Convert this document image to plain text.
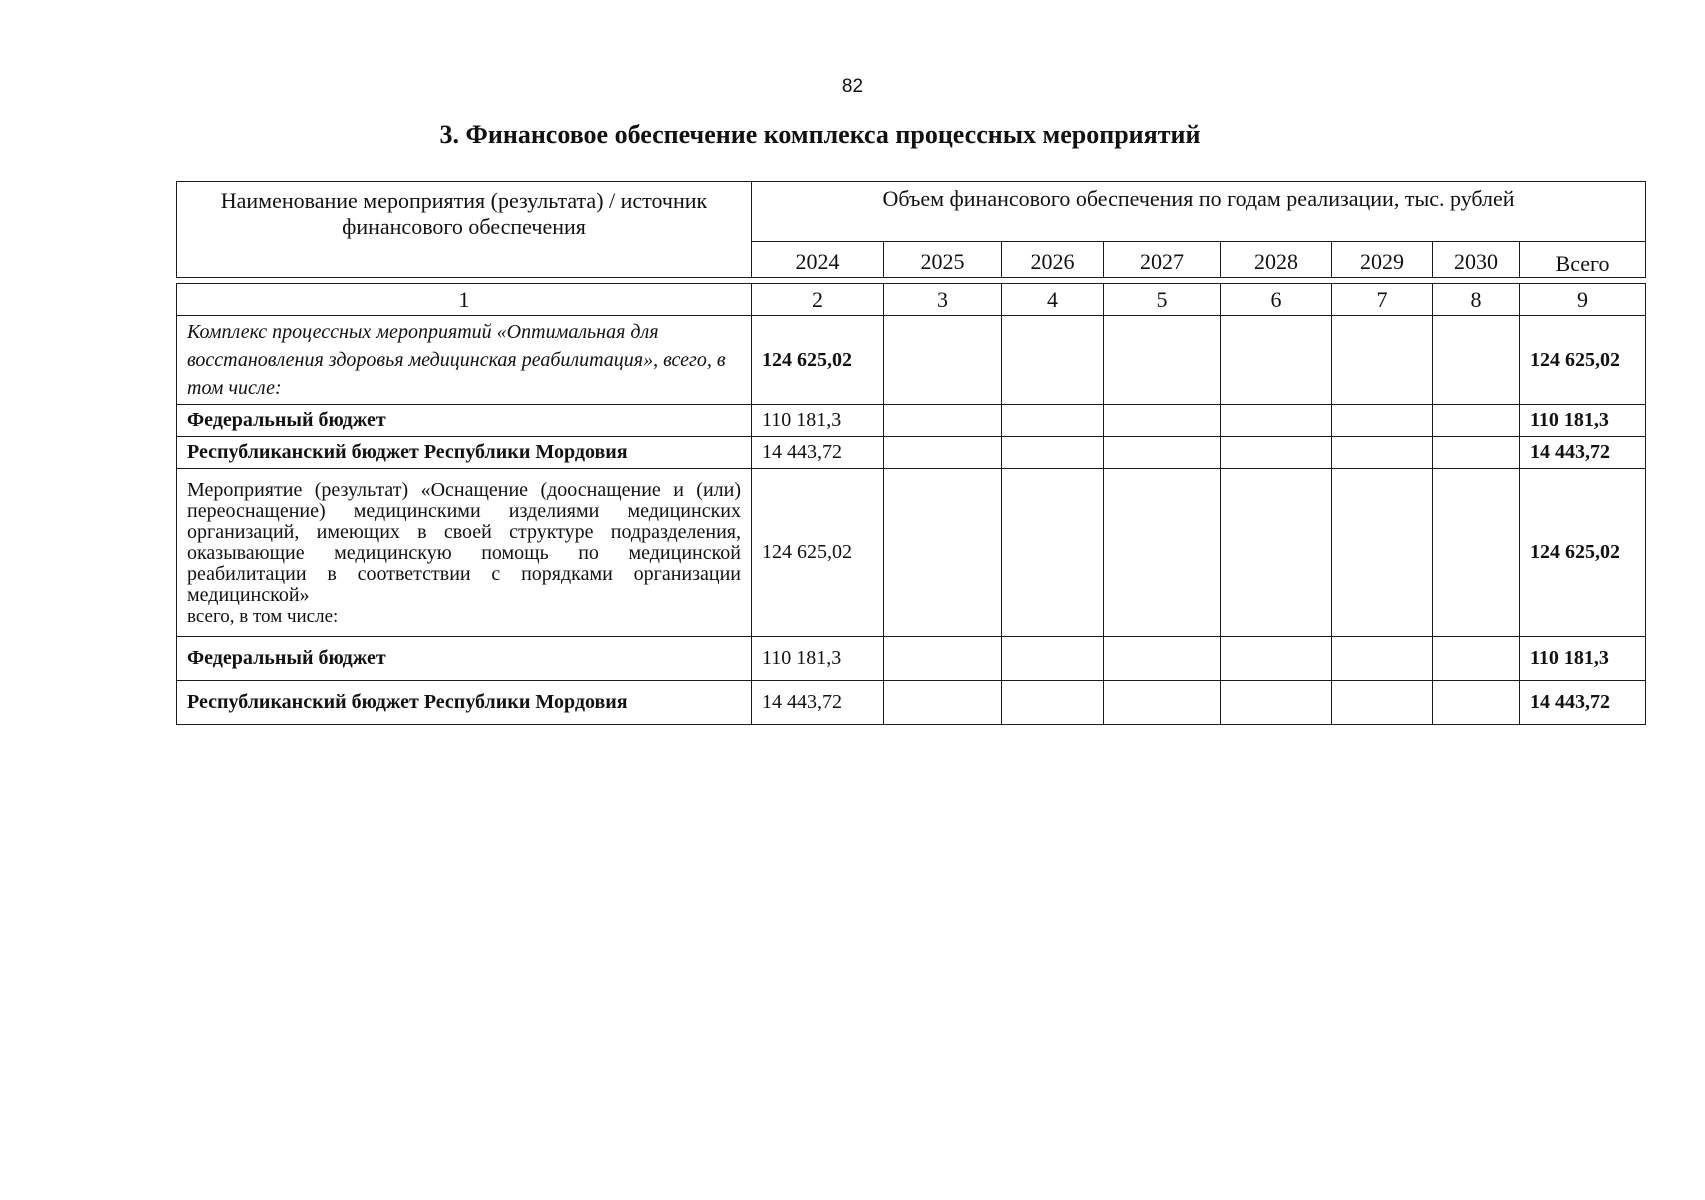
82
3. Финансовое обеспечение комплекса процессных мероприятий
Наименование мероприятия (результата) / источник финансового обеспечения	Объем финансового обеспечения по годам реализации, тыс. рублей							
	2024	2025	2026	2027	2028	2029	2030	Всего
1	2	3	4	5	6	7	8	9
Комплекс процессных мероприятий «Оптимальная для восстановления здоровья медицинская реабилитация», всего, в том числе:	124 625,02							124 625,02
Федеральный бюджет	110 181,3							110 181,3
Республиканский бюджет Республики Мордовия	14 443,72							14 443,72
Мероприятие (результат) «Оснащение (дооснащение и (или) переоснащение) медицинскими изделиями медицинских организаций, имеющих в своей структуре подразделения, оказывающие медицинскую помощь по медицинской реабилитации в соответствии с порядками организации медицинской»
всего, в том числе:	124 625,02							124 625,02
Федеральный бюджет	110 181,3							110 181,3
Республиканский бюджет Республики Мордовия	14 443,72							14 443,72
